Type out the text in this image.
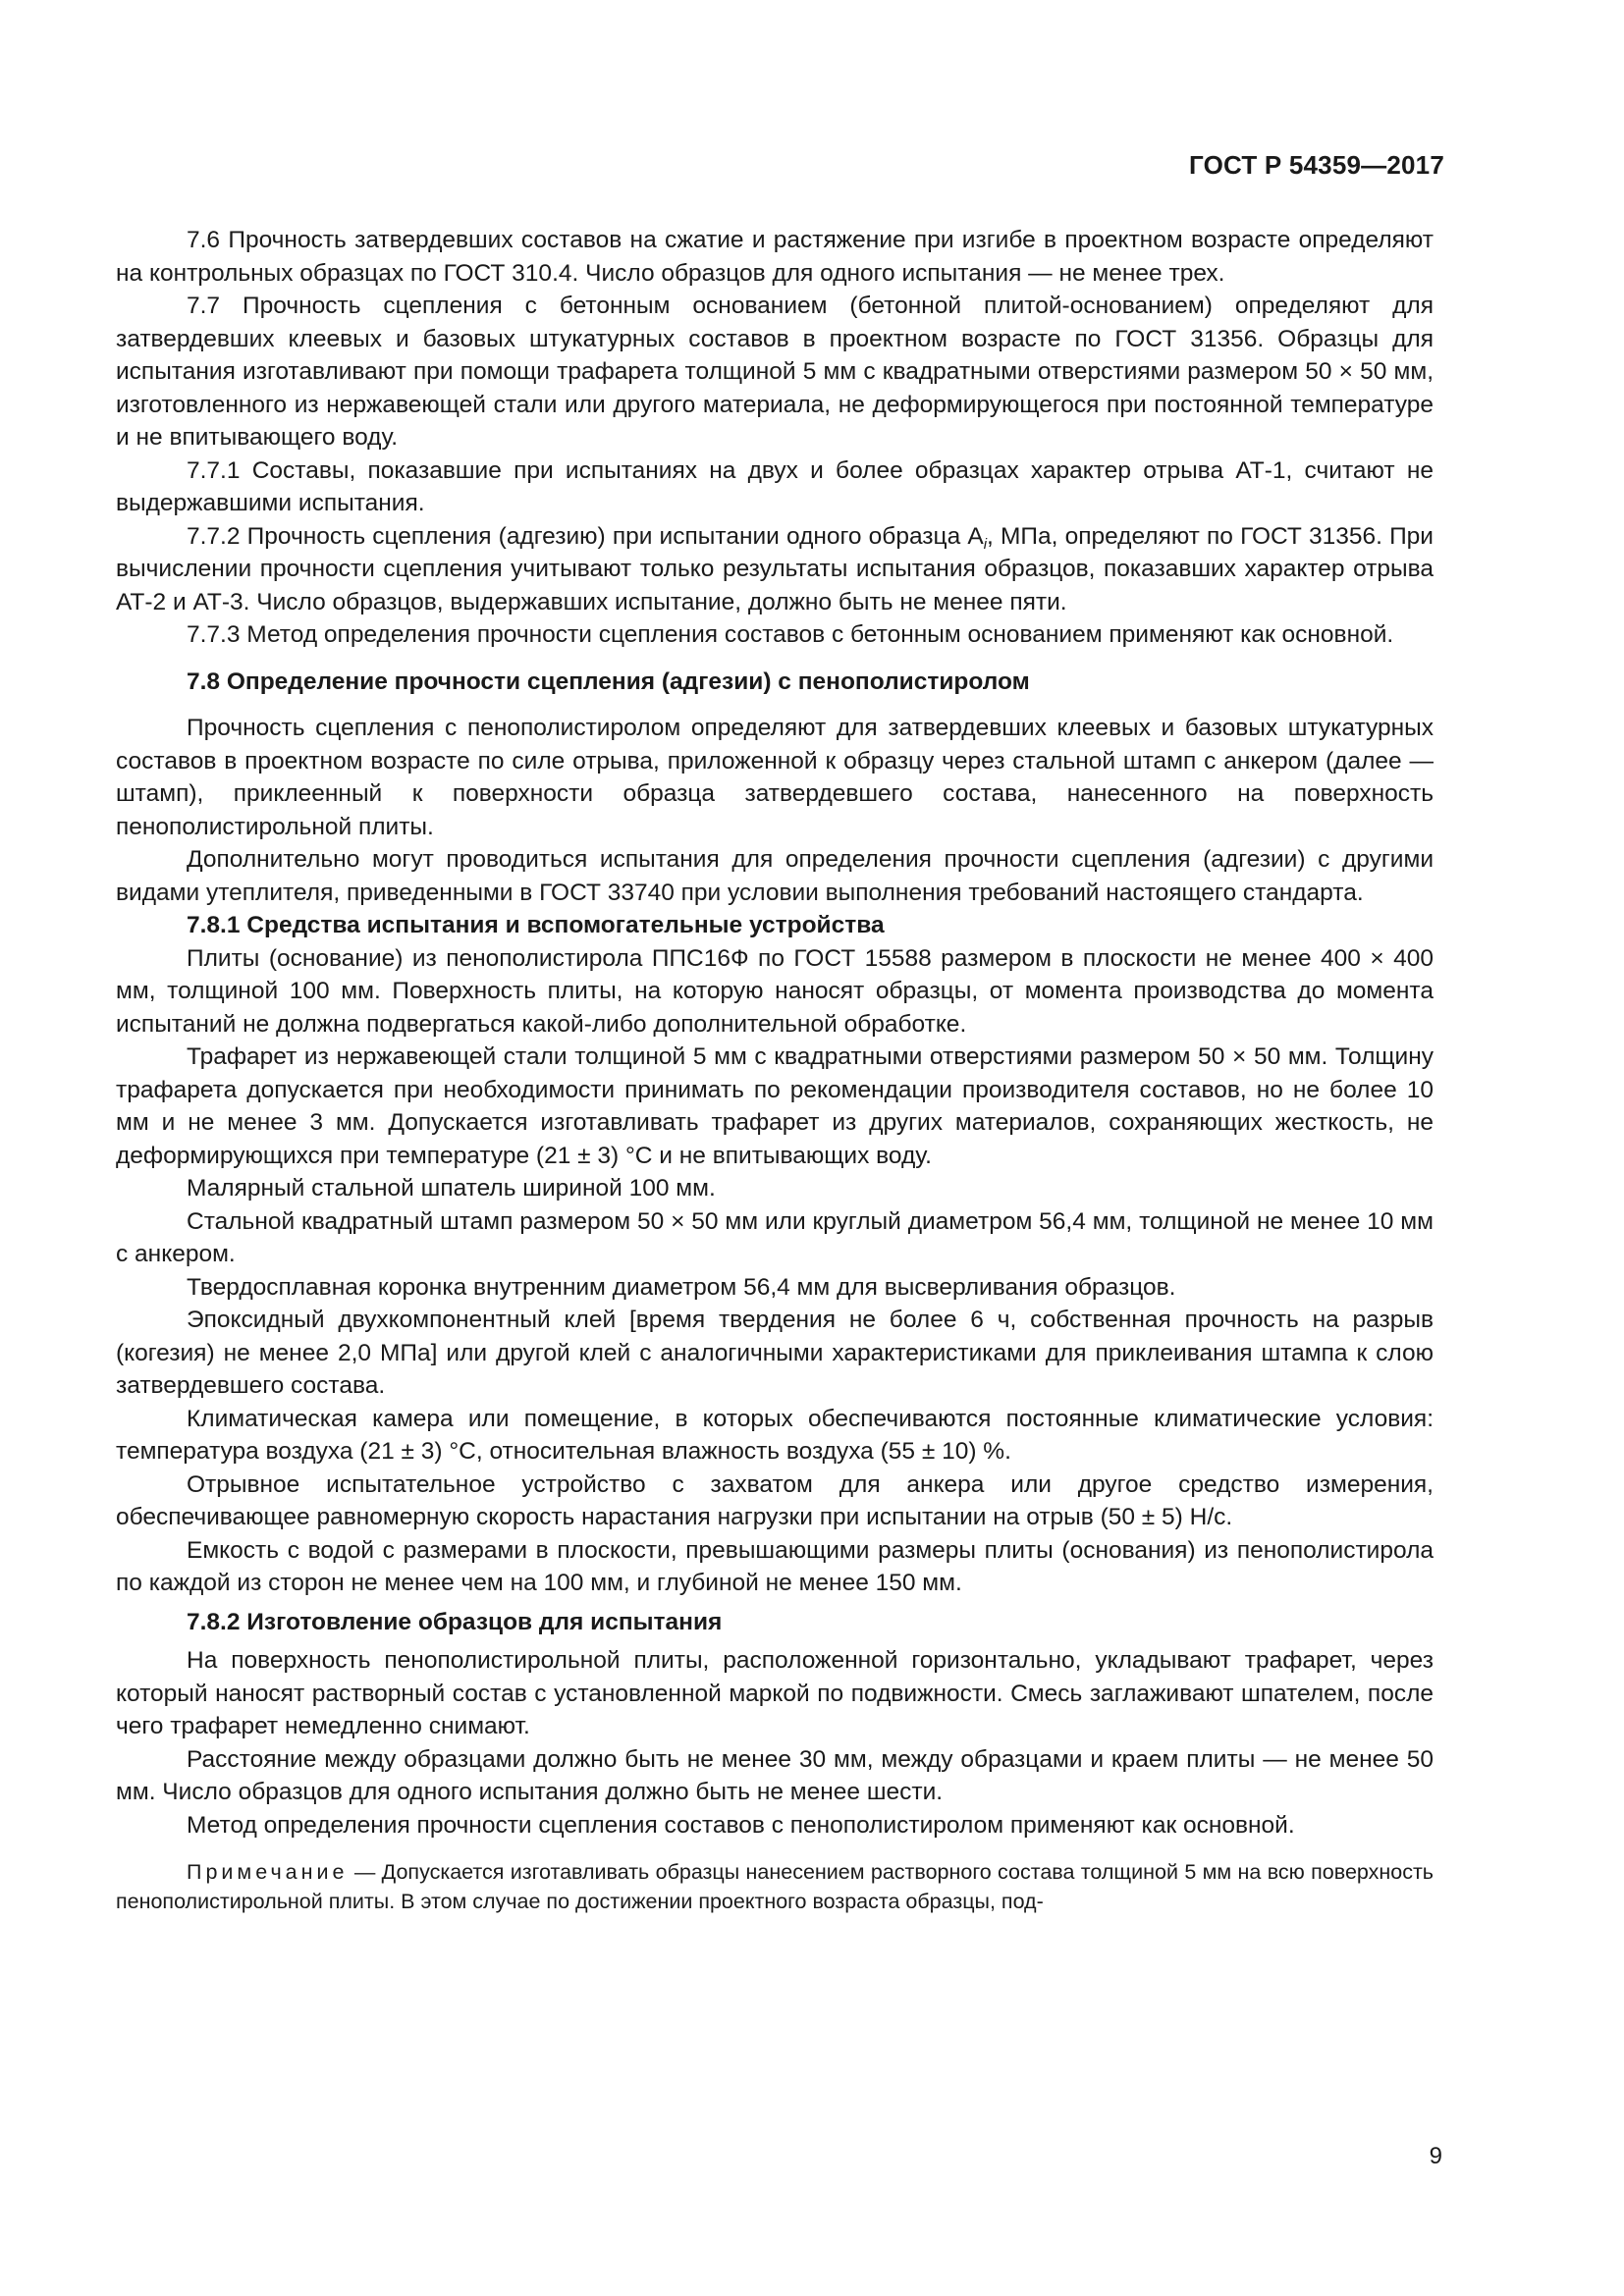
ГОСТ Р 54359—2017

7.6 Прочность затвердевших составов на сжатие и растяжение при изгибе в проектном возрасте определяют на контрольных образцах по ГОСТ 310.4. Число образцов для одного испытания — не менее трех.

7.7 Прочность сцепления с бетонным основанием (бетонной плитой-основанием) определяют для затвердевших клеевых и базовых штукатурных составов в проектном возрасте по ГОСТ 31356. Образцы для испытания изготавливают при помощи трафарета толщиной 5 мм с квадратными отверстиями размером 50 × 50 мм, изготовленного из нержавеющей стали или другого материала, не деформирующегося при постоянной температуре и не впитывающего воду.

7.7.1 Составы, показавшие при испытаниях на двух и более образцах характер отрыва АТ-1, считают не выдержавшими испытания.

7.7.2 Прочность сцепления (адгезию) при испытании одного образца $A_i$, МПа, определяют по ГОСТ 31356. При вычислении прочности сцепления учитывают только результаты испытания образцов, показавших характер отрыва АТ-2 и АТ-3. Число образцов, выдержавших испытание, должно быть не менее пяти.

7.7.3 Метод определения прочности сцепления составов с бетонным основанием применяют как основной.

7.8 Определение прочности сцепления (адгезии) с пенополистиролом

Прочность сцепления с пенополистиролом определяют для затвердевших клеевых и базовых штукатурных составов в проектном возрасте по силе отрыва, приложенной к образцу через стальной штамп с анкером (далее — штамп), приклеенный к поверхности образца затвердевшего состава, нанесенного на поверхность пенополистирольной плиты.

Дополнительно могут проводиться испытания для определения прочности сцепления (адгезии) с другими видами утеплителя, приведенными в ГОСТ 33740 при условии выполнения требований настоящего стандарта.

7.8.1 Средства испытания и вспомогательные устройства

Плиты (основание) из пенополистирола ППС16Ф по ГОСТ 15588 размером в плоскости не менее 400 × 400 мм, толщиной 100 мм. Поверхность плиты, на которую наносят образцы, от момента производства до момента испытаний не должна подвергаться какой-либо дополнительной обработке.

Трафарет из нержавеющей стали толщиной 5 мм с квадратными отверстиями размером 50 × 50 мм. Толщину трафарета допускается при необходимости принимать по рекомендации производителя составов, но не более 10 мм и не менее 3 мм. Допускается изготавливать трафарет из других материалов, сохраняющих жесткость, не деформирующихся при температуре (21 ± 3) °С и не впитывающих воду.

Малярный стальной шпатель шириной 100 мм.

Стальной квадратный штамп размером 50 × 50 мм или круглый диаметром 56,4 мм, толщиной не менее 10 мм с анкером.

Твердосплавная коронка внутренним диаметром 56,4 мм для высверливания образцов.

Эпоксидный двухкомпонентный клей [время твердения не более 6 ч, собственная прочность на разрыв (когезия) не менее 2,0 МПа] или другой клей с аналогичными характеристиками для приклеивания штампа к слою затвердевшего состава.

Климатическая камера или помещение, в которых обеспечиваются постоянные климатические условия: температура воздуха (21 ± 3) °С, относительная влажность воздуха (55 ± 10) %.

Отрывное испытательное устройство с захватом для анкера или другое средство измерения, обеспечивающее равномерную скорость нарастания нагрузки при испытании на отрыв (50 ± 5) Н/с.

Емкость с водой с размерами в плоскости, превышающими размеры плиты (основания) из пенополистирола по каждой из сторон не менее чем на 100 мм, и глубиной не менее 150 мм.

7.8.2 Изготовление образцов для испытания

На поверхность пенополистирольной плиты, расположенной горизонтально, укладывают трафарет, через который наносят растворный состав с установленной маркой по подвижности. Смесь заглаживают шпателем, после чего трафарет немедленно снимают.

Расстояние между образцами должно быть не менее 30 мм, между образцами и краем плиты — не менее 50 мм. Число образцов для одного испытания должно быть не менее шести.

Метод определения прочности сцепления составов с пенополистиролом применяют как основной.

Примечание — Допускается изготавливать образцы нанесением растворного состава толщиной 5 мм на всю поверхность пенополистирольной плиты. В этом случае по достижении проектного возраста образцы, под-

9
